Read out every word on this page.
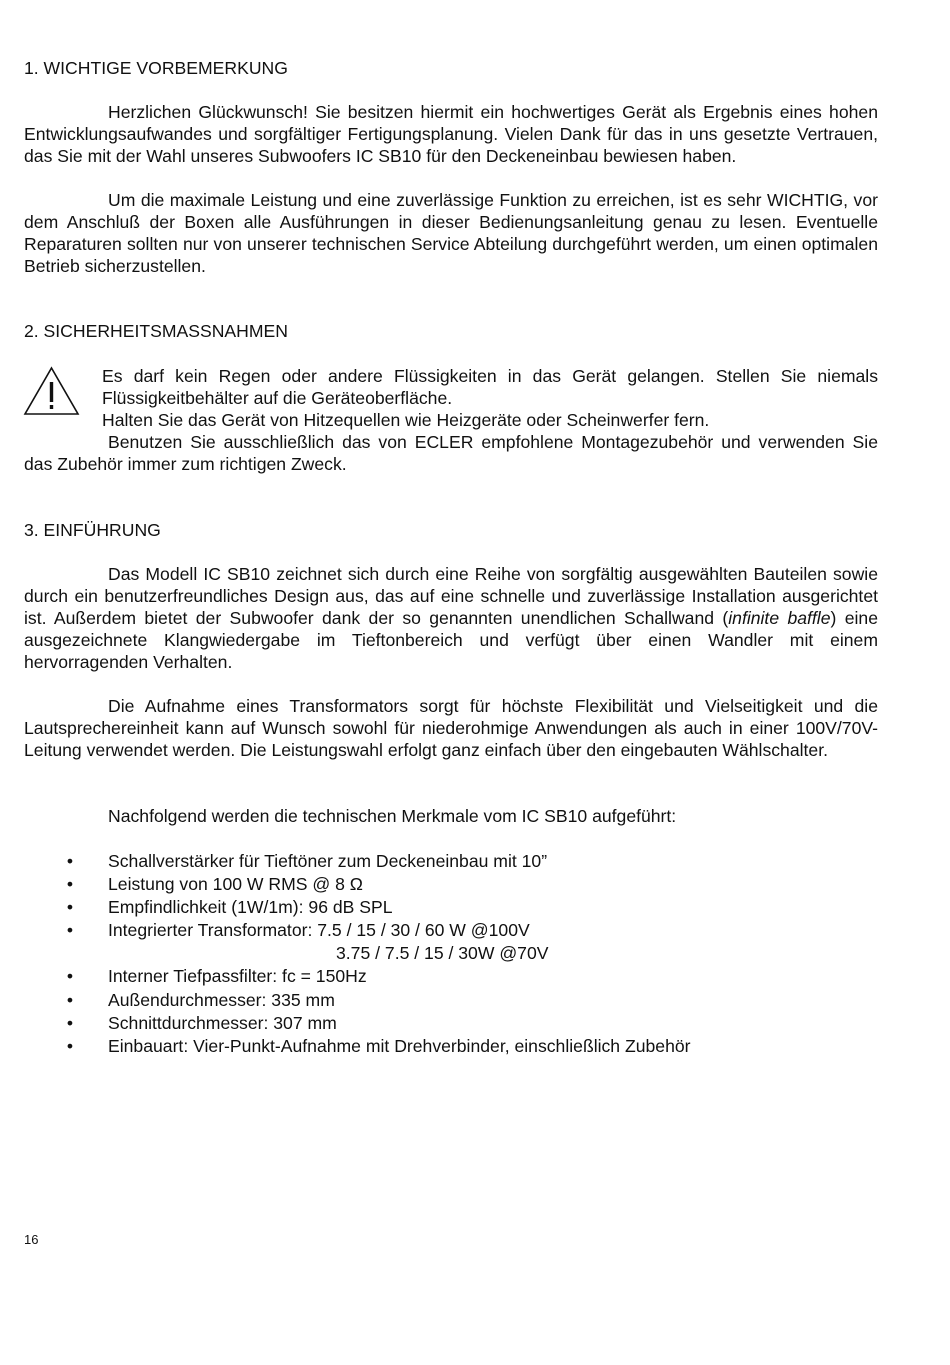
1. WICHTIGE VORBEMERKUNG

Herzlichen Glückwunsch! Sie besitzen hiermit ein hochwertiges Gerät als Ergebnis eines hohen Entwicklungsaufwandes und sorgfältiger Fertigungsplanung. Vielen Dank für das in uns gesetzte Vertrauen, das Sie mit der Wahl unseres Subwoofers IC SB10 für den Deckeneinbau bewiesen haben.

Um die maximale Leistung und eine zuverlässige Funktion zu erreichen, ist es sehr WICHTIG, vor dem Anschluß der Boxen alle Ausführungen in dieser Bedienungsanleitung genau zu lesen. Eventuelle Reparaturen sollten nur von unserer technischen Service Abteilung durchgeführt werden, um einen optimalen Betrieb sicherzustellen.

2. SICHERHEITSMASSNAHMEN

Es darf kein Regen oder andere Flüssigkeiten in das Gerät gelangen. Stellen Sie niemals Flüssigkeitbehälter auf die Geräteoberfläche.

Halten Sie das Gerät von Hitzequellen wie Heizgeräte oder Scheinwerfer fern.

Benutzen Sie ausschließlich das von ECLER empfohlene Montagezubehör und verwenden Sie das Zubehör immer zum richtigen Zweck.

3. EINFÜHRUNG

Das Modell IC SB10 zeichnet sich durch eine Reihe von sorgfältig ausgewählten Bauteilen sowie durch ein benutzerfreundliches Design aus, das auf eine schnelle und zuverlässige Installation ausgerichtet ist. Außerdem bietet der Subwoofer dank der so genannten unendlichen Schallwand (infinite baffle) eine ausgezeichnete Klangwiedergabe im Tieftonbereich und verfügt über einen Wandler mit einem hervorragenden Verhalten.

Die Aufnahme eines Transformators sorgt für höchste Flexibilität und Vielseitigkeit und die Lautsprechereinheit kann auf Wunsch sowohl für niederohmige Anwendungen als auch in einer 100V/70V-Leitung verwendet werden. Die Leistungswahl erfolgt ganz einfach über den eingebauten Wählschalter.

Nachfolgend werden die technischen Merkmale vom IC SB10 aufgeführt:

• Schallverstärker für Tieftöner zum Deckeneinbau mit 10”
• Leistung von 100 W RMS @ 8 Ω
• Empfindlichkeit (1W/1m): 96 dB SPL
• Integrierter Transformator: 7.5 / 15 / 30 / 60 W @100V
3.75 / 7.5 / 15 / 30W @70V
• Interner Tiefpassfilter: fc = 150Hz
• Außendurchmesser: 335 mm
• Schnittdurchmesser: 307 mm
• Einbauart: Vier-Punkt-Aufnahme mit Drehverbinder, einschließlich Zubehör
16
